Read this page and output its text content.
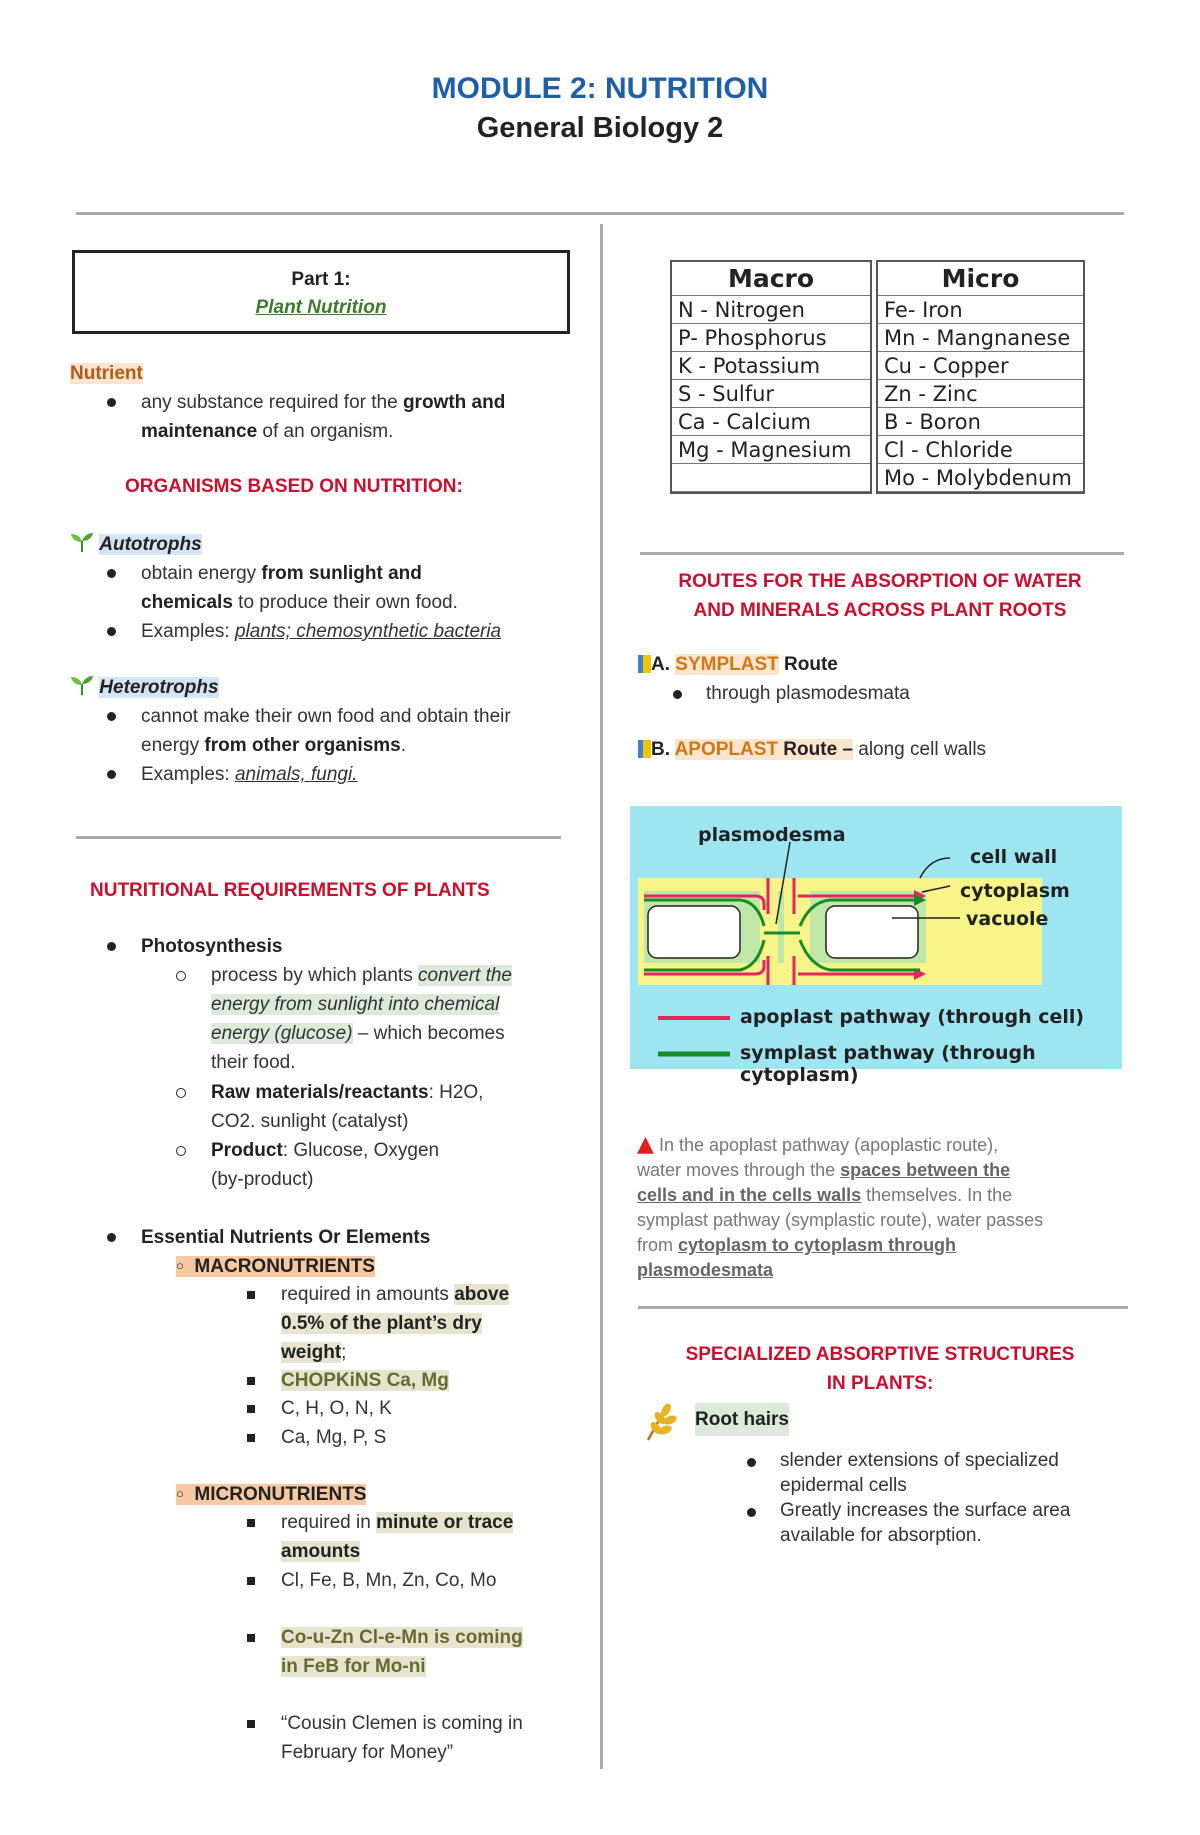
MODULE 2: NUTRITION
General Biology 2
Part 1:
Plant Nutrition
Nutrient
any substance required for the growth and
maintenance of an organism.
ORGANISMS BASED ON NUTRITION:
Autotrophs
obtain energy from sunlight and
chemicals to produce their own food.
Examples: plants; chemosynthetic bacteria
Heterotrophs
cannot make their own food and obtain their
energy from other organisms.
Examples: animals, fungi.
NUTRITIONAL REQUIREMENTS OF PLANTS
Photosynthesis
process by which plants convert the
energy from sunlight into chemical
energy (glucose) – which becomes
their food.
Raw materials/reactants: H2O,
CO2. sunlight (catalyst)
Product: Glucose, Oxygen
(by-product)
Essential Nutrients Or Elements
○ MACRONUTRIENTS
required in amounts above
0.5% of the plant’s dry
weight;
CHOPKiNS Ca, Mg
C, H, O, N, K
Ca, Mg, P, S
○ MICRONUTRIENTS
required in minute or trace
amounts
Cl, Fe, B, Mn, Zn, Co, Mo
Co-u-Zn Cl-e-Mn is coming
in FeB for Mo-ni
“Cousin Clemen is coming in
February for Money”
Macro
N - Nitrogen
P- Phosphorus
K - Potassium
S - Sulfur
Ca - Calcium
Mg - Magnesium
Micro
Fe- Iron
Mn - Mangnanese
Cu - Copper
Zn - Zinc
B - Boron
Cl - Chloride
Mo - Molybdenum
ROUTES FOR THE ABSORPTION OF WATER
AND MINERALS ACROSS PLANT ROOTS
A. SYMPLAST Route
through plasmodesmata
B. APOPLAST Route – along cell walls
plasmodesma
cell wall
cytoplasm
vacuole
apoplast pathway (through cell)
symplast pathway (through cytoplasm)
▲ In the apoplast pathway (apoplastic route),
water moves through the spaces between the
cells and in the cells walls themselves. In the
symplast pathway (symplastic route), water passes
from cytoplasm to cytoplasm through
plasmodesmata
SPECIALIZED ABSORPTIVE STRUCTURES
IN PLANTS:
Root hairs
slender extensions of specialized
epidermal cells
Greatly increases the surface area
available for absorption.
